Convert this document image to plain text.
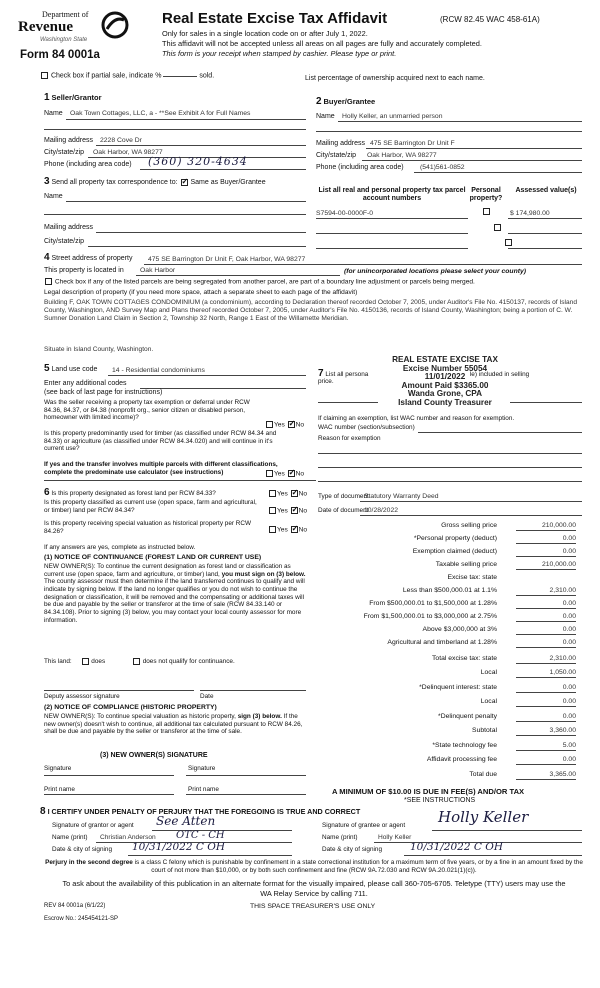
Department of
Revenue
Washington State
Form 84 0001a
Real Estate Excise Tax Affidavit	(RCW 82.45 WAC 458-61A)
Only for sales in a single location code on or after July 1, 2022.
This affidavit will not be accepted unless all areas on all pages are fully and accurately completed.
This form is your receipt when stamped by cashier. Please type or print.
Check box if partial sale, indicate %	sold.	List percentage of ownership acquired next to each name.
1 Seller/Grantor
Name Oak Town Cottages, LLC, a - **See Exhibit A for Full Names
Mailing address 2228 Cove Dr
City/state/zip Oak Harbor, WA 98277
Phone (including area code) (360) 320-4634
2 Buyer/Grantee
Name Holly Keller, an unmarried person
Mailing address 475 SE Barrington Dr Unit F
City/state/zip Oak Harbor, WA 98277
Phone (including area code) (541)561-0852
3 Send all property tax correspondence to: ✓ Same as Buyer/Grantee
Name
Mailing address
City/state/zip
List all real and personal property tax parcel account numbers
Personal property?
Assessed value(s)
S7594-00-0000F-0
	$ 174,980.00
4 Street address of property 475 SE Barrington Dr Unit F, Oak Harbor, WA 98277
This property is located in Oak Harbor	(for unincorporated locations please select your county)
Check box if any of the listed parcels are being segregated from another parcel, are part of a boundary line adjustment or parcels being merged.
Legal description of property (if you need more space, attach a separate sheet to each page of the affidavit)
Building F, OAK TOWN COTTAGES CONDOMINIUM (a condominium), according to Declaration thereof recorded October 7, 2005, under Auditor's File No. 4150137, records of Island County, Washington, AND Survey Map and Plans thereof recorded October 7, 2005, under Auditor's File No. 4150136, records of Island County, Washington; being a portion of C. W. Sumner Donation Land Claim in Section 2, Township 32 North, Range 1 East of the Willamette Meridian.
Situate in Island County, Washington.
5 Land use code 14 - Residential condominiums
Enter any additional codes
(see back of last page for instructions)
Was the seller receiving a property tax exemption or deferral under RCW 84.36, 84.37, or 84.38 (nonprofit org., senior citizen or disabled person, homeowner with limited income)?
Yes ✓ No
Is this property predominantly used for timber (as classified under RCW 84.34 and 84.33) or agriculture (as classified under RCW 84.34.020) and will continue in it's current use?
If yes and the transfer involves multiple parcels with different classifications, complete the predominate use calculator (see instructions)	Yes ✓ No
6 Is this property designated as forest land per RCW 84.33?	Yes ✓ No
Is this property classified as current use (open space, farm and agricultural, or timber) land per RCW 84.34?	Yes ✓ No
Is this property receiving special valuation as historical property per RCW 84.26?	Yes ✓ No
If any answers are yes, complete as instructed below.
(1) NOTICE OF CONTINUANCE (FOREST LAND OR CURRENT USE)
NEW OWNER(S): To continue the current designation as forest land or classification as current use (open space, farm and agriculture, or timber) land, you must sign on (3) below. The county assessor must then determine if the land transferred continues to qualify and will indicate by signing below. If the land no longer qualifies or you do not wish to continue the designation or classification, it will be removed and the compensating or additional taxes will be due and payable by the seller or transferor at the time of sale (RCW 84.33.140 or 84.34.108). Prior to signing (3) below, you may contact your local county assessor for more information.
This land:	does	does not qualify for continuance.
Deputy assessor signature	Date
(2) NOTICE OF COMPLIANCE (HISTORIC PROPERTY)
NEW OWNER(S): To continue special valuation as historic property, sign (3) below. If the new owner(s) doesn't wish to continue, all additional tax calculated pursuant to RCW 84.26, shall be due and payable by the seller or transferor at the time of sale.
(3) NEW OWNER(S) SIGNATURE
Signature	Signature
Print name	Print name
7 List all persona	le) included in selling
price.
REAL ESTATE EXCISE TAX
Excise Number 55054
11/01/2022
Amount Paid $3365.00
Wanda Grone, CPA
Island County Treasurer
If claiming an exemption, list WAC number and reason for exemption.
WAC number (section/subsection)
Reason for exemption
Type of document
Statutory Warranty Deed
Date of document
10/28/2022
Gross selling price	210,000.00
*Personal property (deduct)	0.00
Exemption claimed (deduct)	0.00
Taxable selling price	210,000.00
Excise tax: state
Less than $500,000.01 at 1.1%	2,310.00
From $500,000.01 to $1,500,000 at 1.28%	0.00
From $1,500,000.01 to $3,000,000 at 2.75%	0.00
Above $3,000,000 at 3%	0.00
Agricultural and timberland at 1.28%	0.00
Total excise tax: state	2,310.00
Local	1,050.00
*Delinquent interest: state	0.00
Local	0.00
*Delinquent penalty	0.00
Subtotal	3,360.00
*State technology fee	5.00
Affidavit processing fee	0.00
Total due	3,365.00
A MINIMUM OF $10.00 IS DUE IN FEE(S) AND/OR TAX
*SEE INSTRUCTIONS
8 I CERTIFY UNDER PENALTY OF PERJURY THAT THE FOREGOING IS TRUE AND CORRECT
Signature of grantor or agent See Atten
Name (print) Christian Anderson OTC - CH
Date & city of signing 10/31/2022 C OH
Signature of grantee or agent Holly Keller
Name (print)	Holly Keller
Date & city of signing	10/31/2022 C OH
Perjury in the second degree is a class C felony which is punishable by confinement in a state correctional institution for a maximum term of five years, or by a fine in an amount fixed by the court of not more than $10,000, or by both such confinement and fine (RCW 9A.72.030 and RCW 9A.20.021(1)(c)).
To ask about the availability of this publication in an alternate format for the visually impaired, please call 360-705-6705. Teletype (TTY) users may use the WA Relay Service by calling 711.
REV 84 0001a (6/1/22)	THIS SPACE TREASURER'S USE ONLY
Escrow No.: 245454121-SP
